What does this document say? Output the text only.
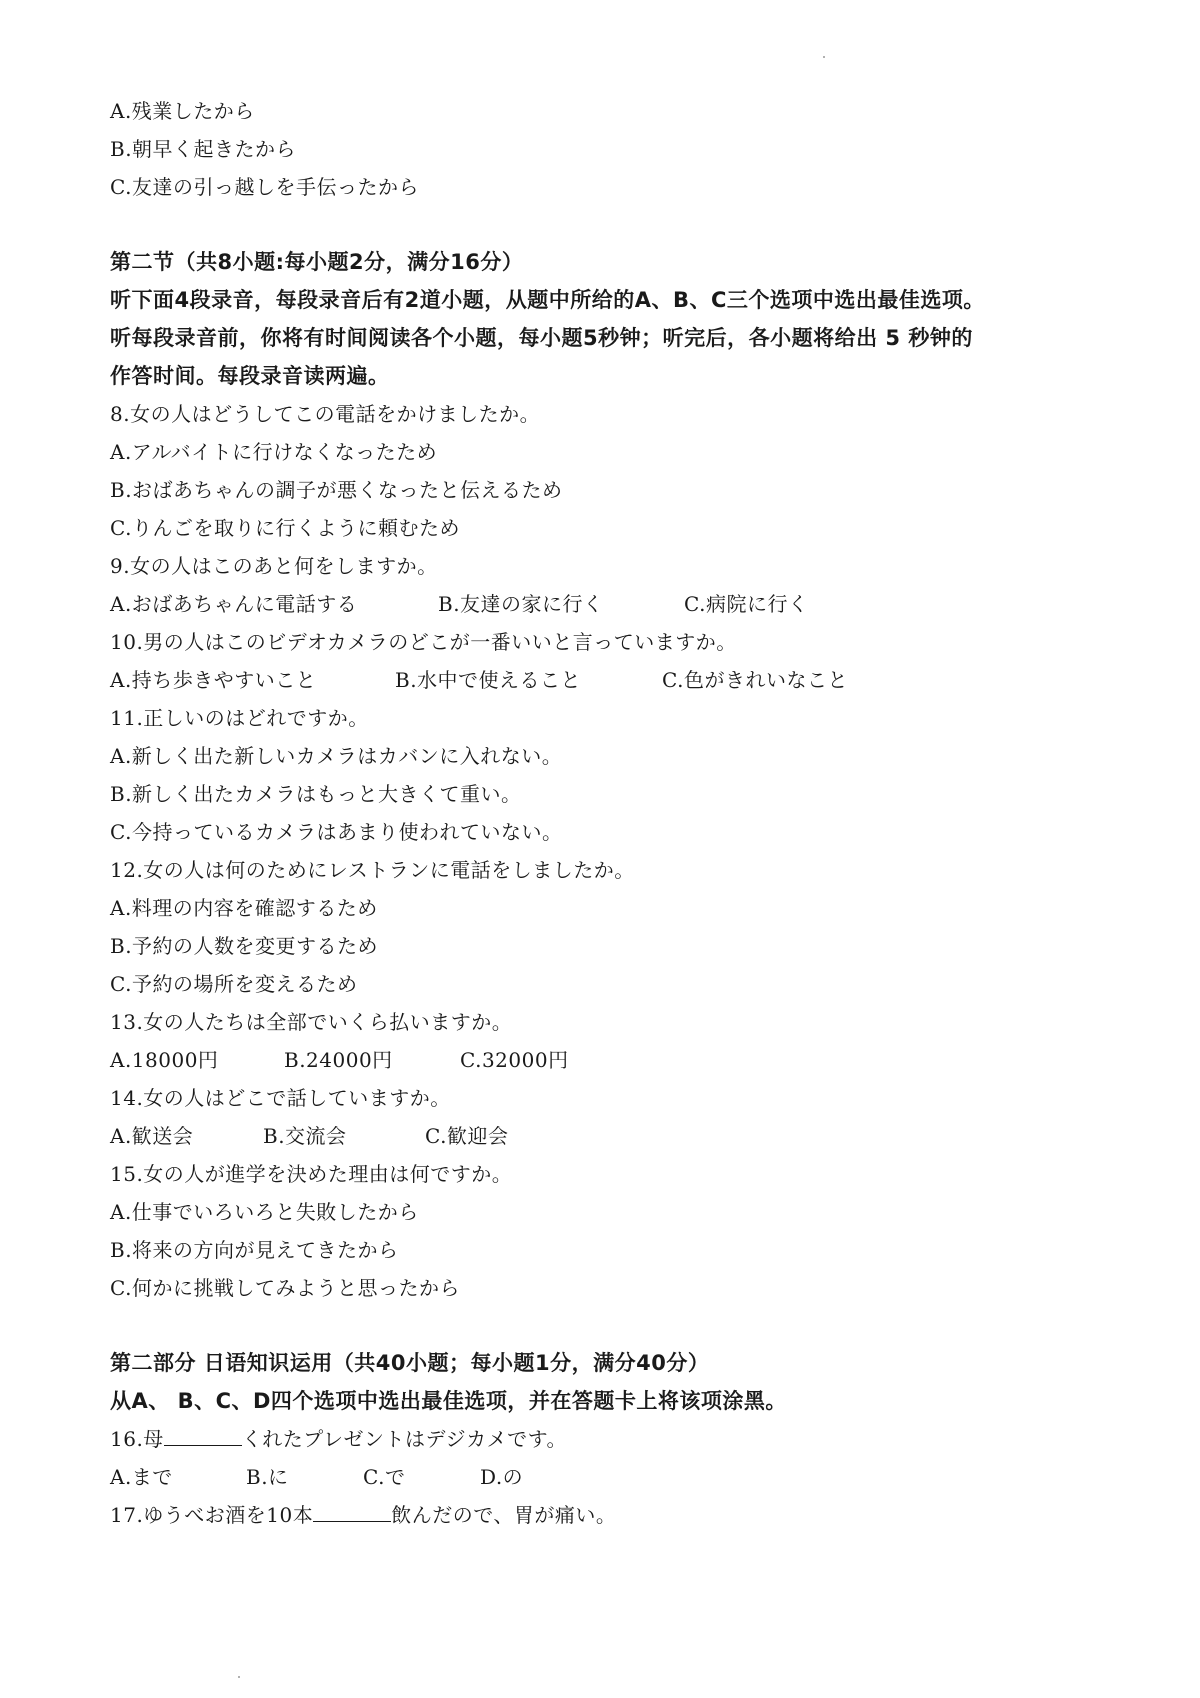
A.残業したから
B.朝早く起きたから
C.友達の引っ越しを手伝ったから
第二节（共8小题:每小题2分，满分16分）
听下面4段录音，每段录音后有2道小题，从题中所给的A、B、C三个选项中选出最佳选项。
听每段录音前，你将有时间阅读各个小题，每小题5秒钟；听完后，各小题将给出 5 秒钟的
作答时间。每段录音读两遍。
8.女の人はどうしてこの電話をかけましたか。
A.アルバイトに行けなくなったため
B.おばあちゃんの調子が悪くなったと伝えるため
C.りんごを取りに行くように頼むため
9.女の人はこのあと何をしますか。
A.おばあちゃんに電話する	B.友達の家に行く	C.病院に行く
10.男の人はこのビデオカメラのどこが一番いいと言っていますか。
A.持ち歩きやすいこと	B.水中で使えること	C.色がきれいなこと
11.正しいのはどれですか。
A.新しく出た新しいカメラはカバンに入れない。
B.新しく出たカメラはもっと大きくて重い。
C.今持っているカメラはあまり使われていない。
12.女の人は何のためにレストランに電話をしましたか。
A.料理の内容を確認するため
B.予約の人数を変更するため
C.予約の場所を変えるため
13.女の人たちは全部でいくら払いますか。
A.18000円	B.24000円	C.32000円
14.女の人はどこで話していますか。
A.歓送会	B.交流会	C.歓迎会
15.女の人が進学を決めた理由は何ですか。
A.仕事でいろいろと失敗したから
B.将来の方向が見えてきたから
C.何かに挑戦してみようと思ったから
第二部分 日语知识运用（共40小题；每小题1分，满分40分）
从A、 B、C、D四个选项中选出最佳选项，并在答题卡上将该项涂黑。
16.母	くれたプレゼントはデジカメです。
A.まで	B.に	C.で	D.の
17.ゆうべお酒を10本	飲んだので、胃が痛い。
